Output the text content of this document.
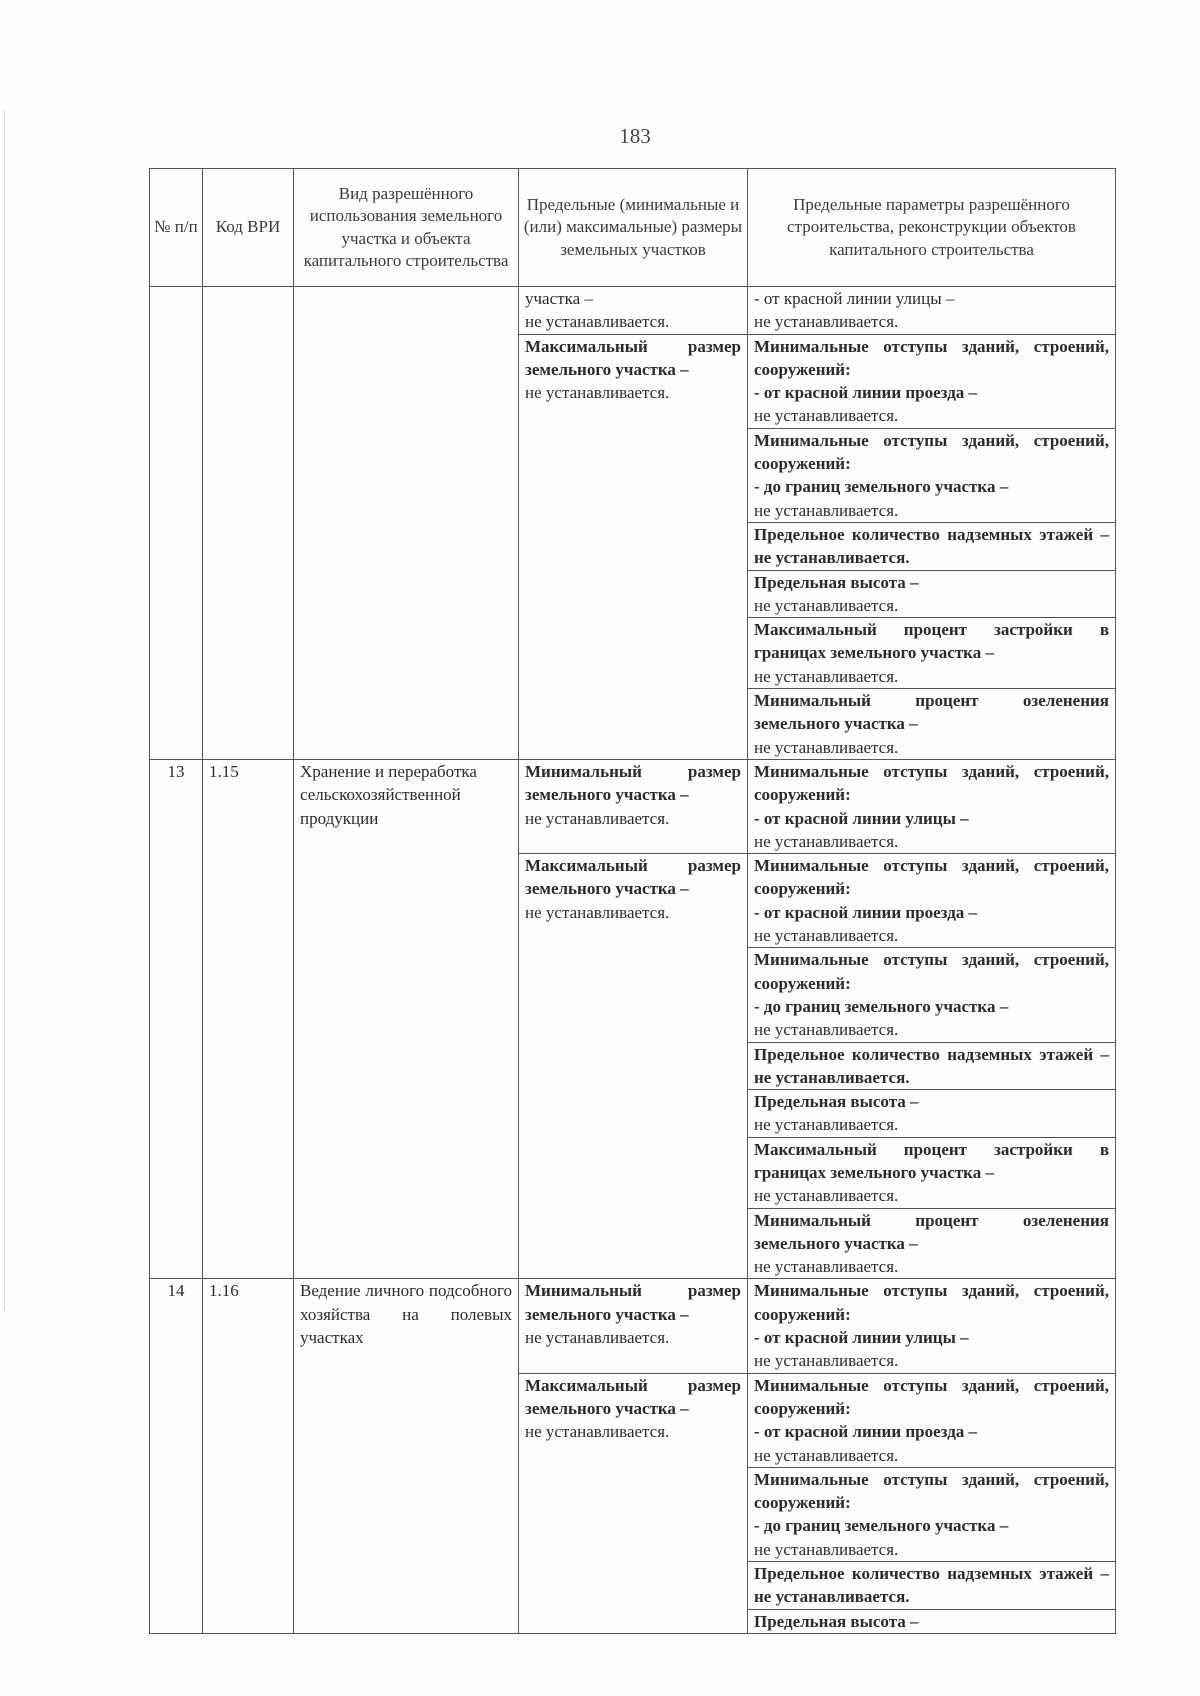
183
№ п/п	Код ВРИ	Вид разрешённого использования земельного участка и объекта капитального строительства	Предельные (минимальные и (или) максимальные) размеры земельных участков	Предельные параметры разрешённого строительства, реконструкции объектов капитального строительства

			участка –
не устанавливается.	- от красной линии улицы –
не устанавливается.

			Максимальный размер земельного участка –
не устанавливается.	Минимальные отступы зданий, строений, сооружений:
- от красной линии проезда –
не устанавливается.

				Минимальные отступы зданий, строений, сооружений:
- до границ земельного участка –
не устанавливается.

				Предельное количество надземных этажей – не устанавливается.

				Предельная высота –
не устанавливается.

				Максимальный процент застройки в границах земельного участка –
не устанавливается.

				Минимальный процент озеленения земельного участка –
не устанавливается.

13	1.15	Хранение и переработка сельскохозяйственной продукции	Минимальный размер земельного участка –
не устанавливается.	Минимальные отступы зданий, строений, сооружений:
- от красной линии улицы –
не устанавливается.

			Максимальный размер земельного участка –
не устанавливается.	Минимальные отступы зданий, строений, сооружений:
- от красной линии проезда –
не устанавливается.

				Минимальные отступы зданий, строений, сооружений:
- до границ земельного участка –
не устанавливается.

				Предельное количество надземных этажей – не устанавливается.

				Предельная высота –
не устанавливается.

				Максимальный процент застройки в границах земельного участка –
не устанавливается.

				Минимальный процент озеленения земельного участка –
не устанавливается.

14	1.16	Ведение личного подсобного хозяйства на полевых участках	Минимальный размер земельного участка –
не устанавливается.	Минимальные отступы зданий, строений, сооружений:
- от красной линии улицы –
не устанавливается.

			Максимальный размер земельного участка –
не устанавливается.	Минимальные отступы зданий, строений, сооружений:
- от красной линии проезда –
не устанавливается.

				Минимальные отступы зданий, строений, сооружений:
- до границ земельного участка –
не устанавливается.

				Предельное количество надземных этажей – не устанавливается.

				Предельная высота –
